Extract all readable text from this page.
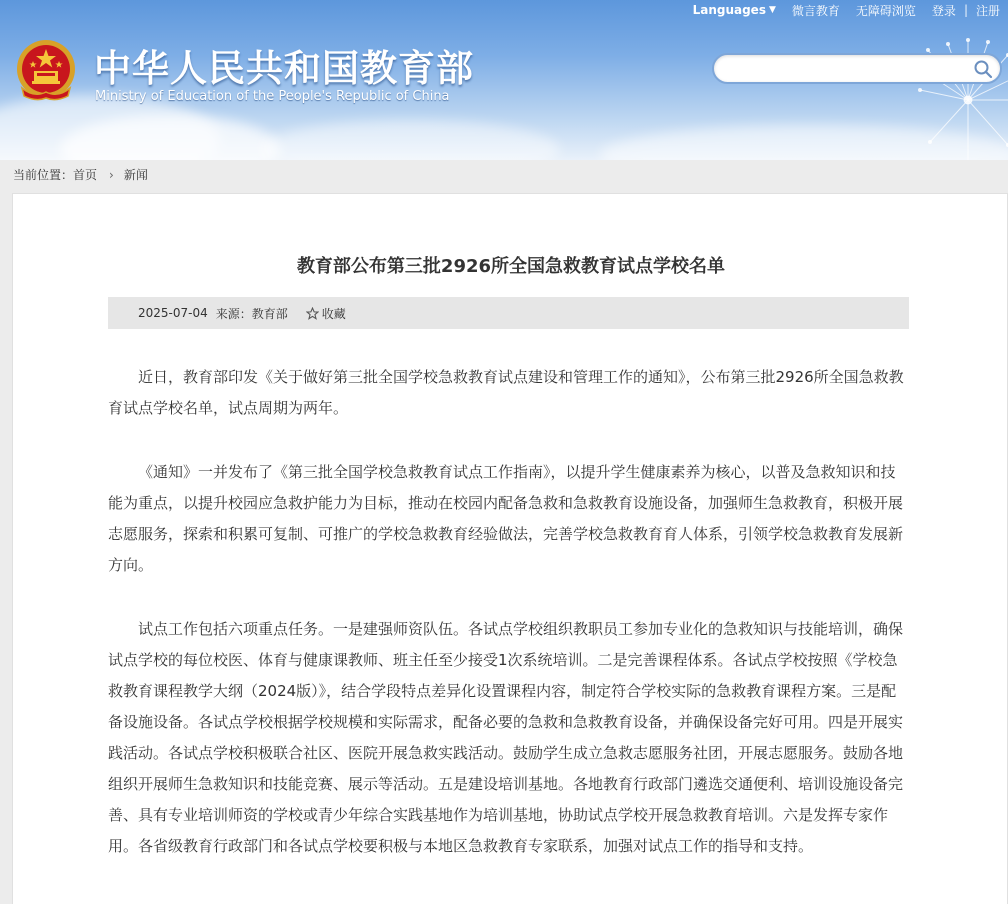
Languages ▼	微言教育	无障碍浏览	登录 | 注册
中华人民共和国教育部
Ministry of Education of the People's Republic of China
当前位置： 首页 › 新闻
教育部公布第三批2926所全国急救教育试点学校名单
2025-07-04 来源：教育部	收藏

近日，教育部印发《关于做好第三批全国学校急救教育试点建设和管理工作的通知》，公布第三批2926所全国急救教育试点学校名单，试点周期为两年。

《通知》一并发布了《第三批全国学校急救教育试点工作指南》，以提升学生健康素养为核心，以普及急救知识和技能为重点，以提升校园应急救护能力为目标，推动在校园内配备急救和急救教育设施设备，加强师生急救教育，积极开展志愿服务，探索和积累可复制、可推广的学校急救教育经验做法，完善学校急救教育育人体系，引领学校急救教育发展新方向。

试点工作包括六项重点任务。一是建强师资队伍。各试点学校组织教职员工参加专业化的急救知识与技能培训，确保试点学校的每位校医、体育与健康课教师、班主任至少接受1次系统培训。二是完善课程体系。各试点学校按照《学校急救教育课程教学大纲（2024版）》，结合学段特点差异化设置课程内容，制定符合学校实际的急救教育课程方案。三是配备设施设备。各试点学校根据学校规模和实际需求，配备必要的急救和急救教育设备，并确保设备完好可用。四是开展实践活动。各试点学校积极联合社区、医院开展急救实践活动。鼓励学生成立急救志愿服务社团，开展志愿服务。鼓励各地组织开展师生急救知识和技能竞赛、展示等活动。五是建设培训基地。各地教育行政部门遴选交通便利、培训设施设备完善、具有专业培训师资的学校或青少年综合实践基地作为培训基地，协助试点学校开展急救教育培训。六是发挥专家作用。各省级教育行政部门和各试点学校要积极与本地区急救教育专家联系，加强对试点工作的指导和支持。
